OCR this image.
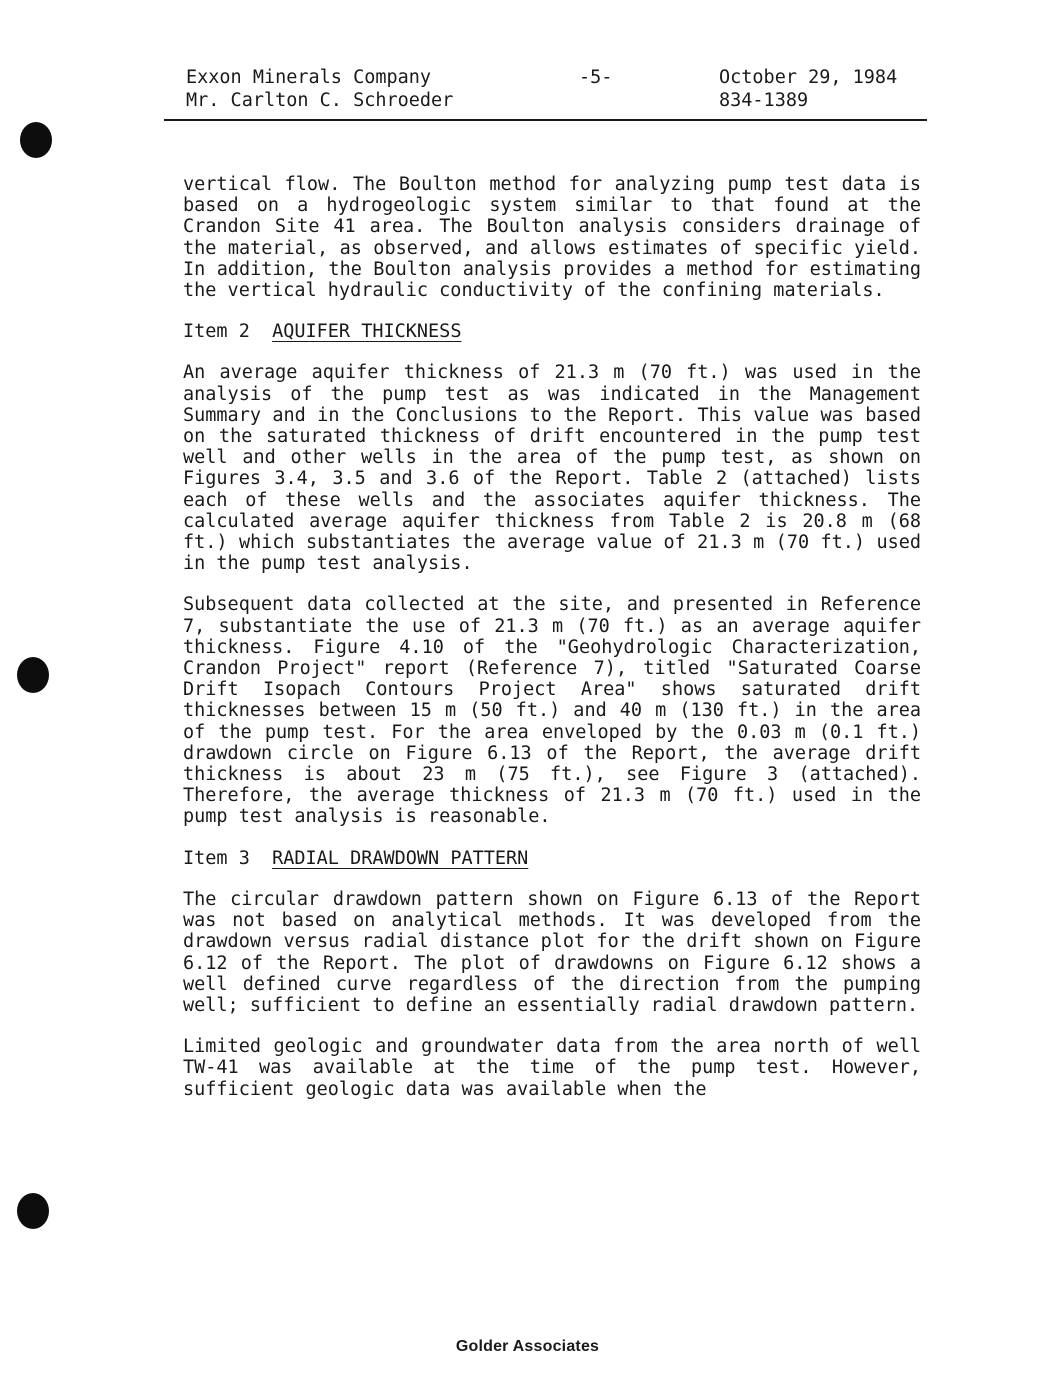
Exxon Minerals Company	-5-	October 29, 1984
Mr. Carlton C. Schroeder	834-1389

vertical flow. The Boulton method for analyzing pump test data is based on a hydrogeologic system similar to that found at the Crandon Site 41 area. The Boulton analysis considers drainage of the material, as observed, and allows estimates of specific yield. In addition, the Boulton analysis provides a method for estimating the vertical hydraulic conductivity of the confining materials.

Item 2 AQUIFER THICKNESS

An average aquifer thickness of 21.3 m (70 ft.) was used in the analysis of the pump test as was indicated in the Management Summary and in the Conclusions to the Report. This value was based on the saturated thickness of drift encountered in the pump test well and other wells in the area of the pump test, as shown on Figures 3.4, 3.5 and 3.6 of the Report. Table 2 (attached) lists each of these wells and the associates aquifer thickness. The calculated average aquifer thickness from Table 2 is 20.8 m (68 ft.) which substantiates the average value of 21.3 m (70 ft.) used in the pump test analysis.

Subsequent data collected at the site, and presented in Reference 7, substantiate the use of 21.3 m (70 ft.) as an average aquifer thickness. Figure 4.10 of the "Geohydrologic Characterization, Crandon Project" report (Reference 7), titled "Saturated Coarse Drift Isopach Contours Project Area" shows saturated drift thicknesses between 15 m (50 ft.) and 40 m (130 ft.) in the area of the pump test. For the area enveloped by the 0.03 m (0.1 ft.) drawdown circle on Figure 6.13 of the Report, the average drift thickness is about 23 m (75 ft.), see Figure 3 (attached). Therefore, the average thickness of 21.3 m (70 ft.) used in the pump test analysis is reasonable.

Item 3 RADIAL DRAWDOWN PATTERN

The circular drawdown pattern shown on Figure 6.13 of the Report was not based on analytical methods. It was developed from the drawdown versus radial distance plot for the drift shown on Figure 6.12 of the Report. The plot of drawdowns on Figure 6.12 shows a well defined curve regardless of the direction from the pumping well; sufficient to define an essentially radial drawdown pattern.

Limited geologic and groundwater data from the area north of well TW-41 was available at the time of the pump test. However, sufficient geologic data was available when the

Golder Associates
